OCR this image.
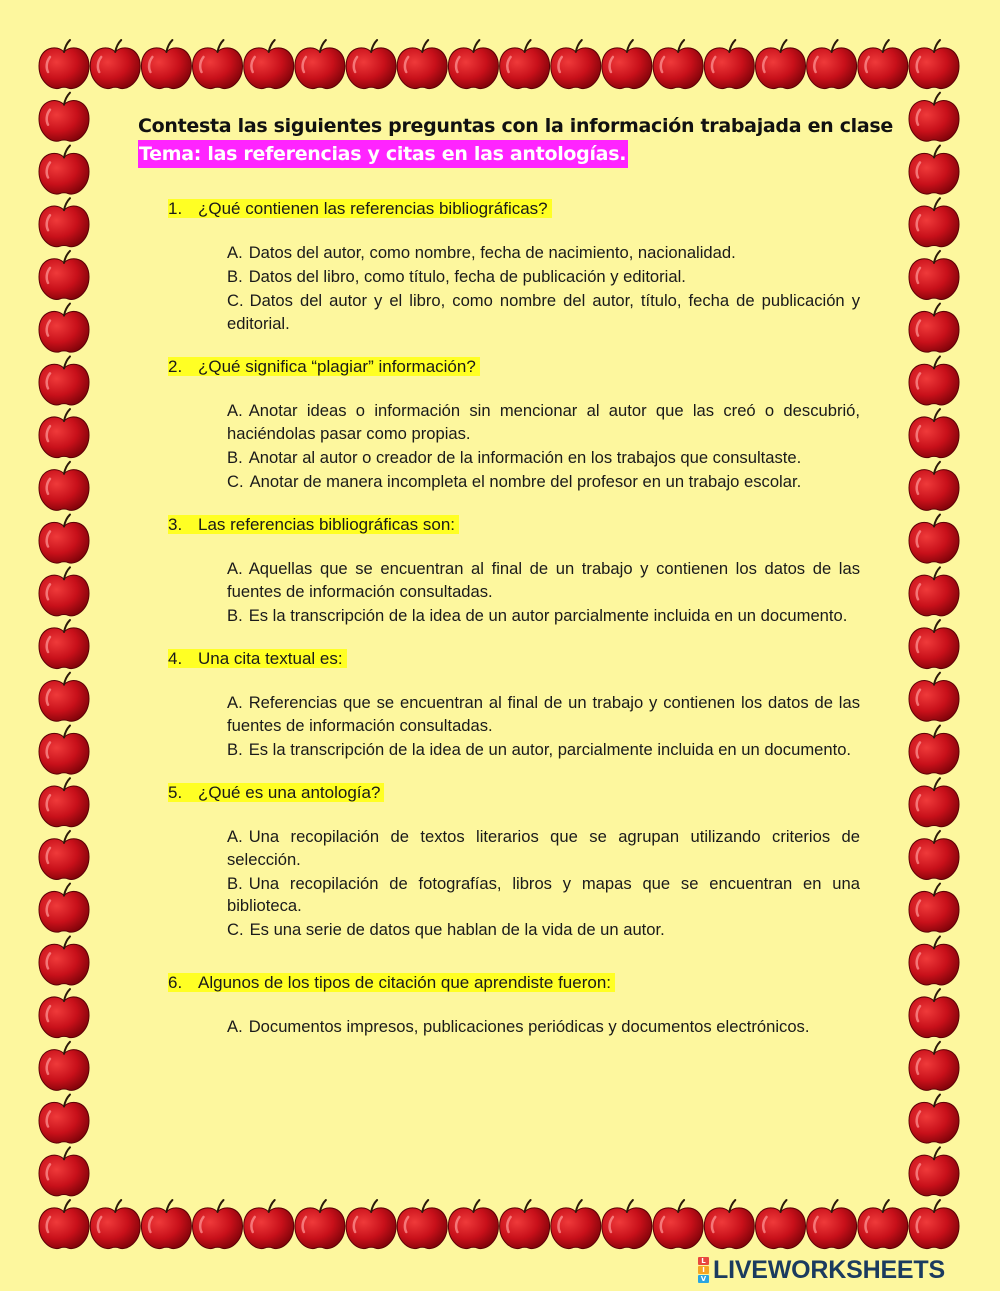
Contesta las siguientes preguntas con la información trabajada en clase
Tema: las referencias y citas en las antologías.
1. ¿Qué contienen las referencias bibliográficas?
A. Datos del autor, como nombre, fecha de nacimiento, nacionalidad.
B. Datos del libro, como título, fecha de publicación y editorial.
C. Datos del autor y el libro, como nombre del autor, título, fecha de publicación y editorial.
2. ¿Qué significa “plagiar” información?
A. Anotar ideas o información sin mencionar al autor que las creó o descubrió, haciéndolas pasar como propias.
B. Anotar al autor o creador de la información en los trabajos que consultaste.
C. Anotar de manera incompleta el nombre del profesor en un trabajo escolar.
3. Las referencias bibliográficas son:
A. Aquellas que se encuentran al final de un trabajo y contienen los datos de las fuentes de información consultadas.
B. Es la transcripción de la idea de un autor parcialmente incluida en un documento.
4. Una cita textual es:
A. Referencias que se encuentran al final de un trabajo y contienen los datos de las fuentes de información consultadas.
B. Es la transcripción de la idea de un autor, parcialmente incluida en un documento.
5. ¿Qué es una antología?
A. Una recopilación de textos literarios que se agrupan utilizando criterios de selección.
B. Una recopilación de fotografías, libros y mapas que se encuentran en una biblioteca.
C. Es una serie de datos que hablan de la vida de un autor.
6. Algunos de los tipos de citación que aprendiste fueron:
A. Documentos impresos, publicaciones periódicas y documentos electrónicos.
L
I
V LIVEWORKSHEETS
